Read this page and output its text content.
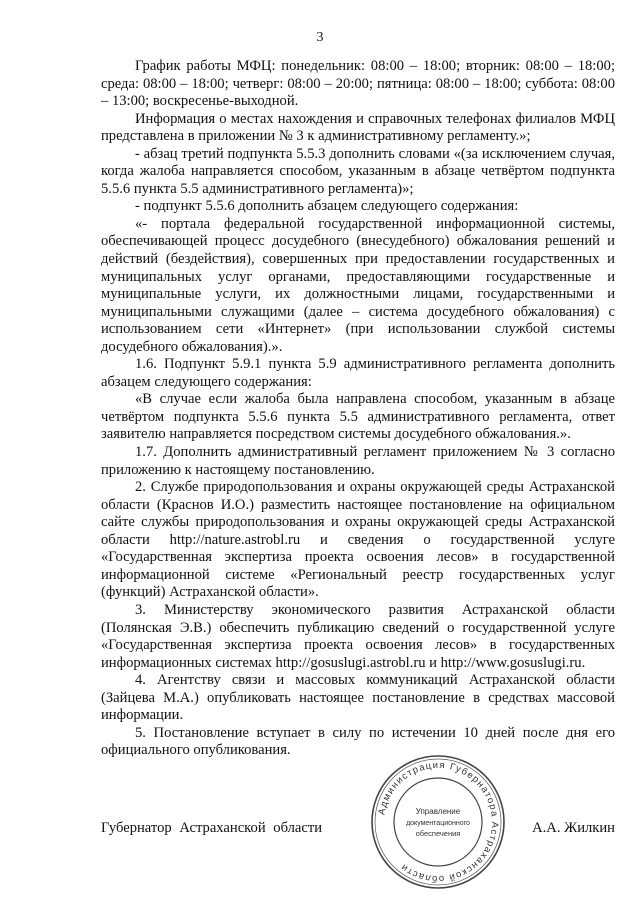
3

График работы МФЦ: понедельник: 08:00 – 18:00; вторник: 08:00 – 18:00; среда: 08:00 – 18:00; четверг: 08:00 – 20:00; пятница: 08:00 – 18:00; суббота: 08:00 – 13:00; воскресенье-выходной.

Информация о местах нахождения и справочных телефонах филиалов МФЦ представлена в приложении № 3 к административному регламенту.»;

- абзац третий подпункта 5.5.3 дополнить словами «(за исключением случая, когда жалоба направляется способом, указанным в абзаце четвёртом подпункта 5.5.6 пункта 5.5 административного регламента)»;

- подпункт 5.5.6 дополнить абзацем следующего содержания:

«- портала федеральной государственной информационной системы, обеспечивающей процесс досудебного (внесудебного) обжалования решений и действий (бездействия), совершенных при предоставлении государственных и муниципальных услуг органами, предоставляющими государственные и муниципальные услуги, их должностными лицами, государственными и муниципальными служащими (далее – система досудебного обжалования) с использованием сети «Интернет» (при использовании службой системы досудебного обжалования).».

1.6. Подпункт 5.9.1 пункта 5.9 административного регламента дополнить абзацем следующего содержания:

«В случае если жалоба была направлена способом, указанным в абзаце четвёртом подпункта 5.5.6 пункта 5.5 административного регламента, ответ заявителю направляется посредством системы досудебного обжалования.».

1.7. Дополнить административный регламент приложением № 3 согласно приложению к настоящему постановлению.

2. Службе природопользования и охраны окружающей среды Астраханской области (Краснов И.О.) разместить настоящее постановление на официальном сайте службы природопользования и охраны окружающей среды Астраханской области http://nature.astrobl.ru и сведения о государственной услуге «Государственная экспертиза проекта освоения лесов» в государственной информационной системе «Региональный реестр государственных услуг (функций) Астраханской области».

3. Министерству экономического развития Астраханской области (Полянская Э.В.) обеспечить публикацию сведений о государственной услуге «Государственная экспертиза проекта освоения лесов» в государственных информационных системах http://gosuslugi.astrobl.ru и http://www.gosuslugi.ru.

4. Агентству связи и массовых коммуникаций Астраханской области (Зайцева М.А.) опубликовать настоящее постановление в средствах массовой информации.

5. Постановление вступает в силу по истечении 10 дней после дня его официального опубликования.

Губернатор Астраханской области	А.А. Жилкин
Администрация Губернатора Астраханской области
Управление
документационного
обеспечения
